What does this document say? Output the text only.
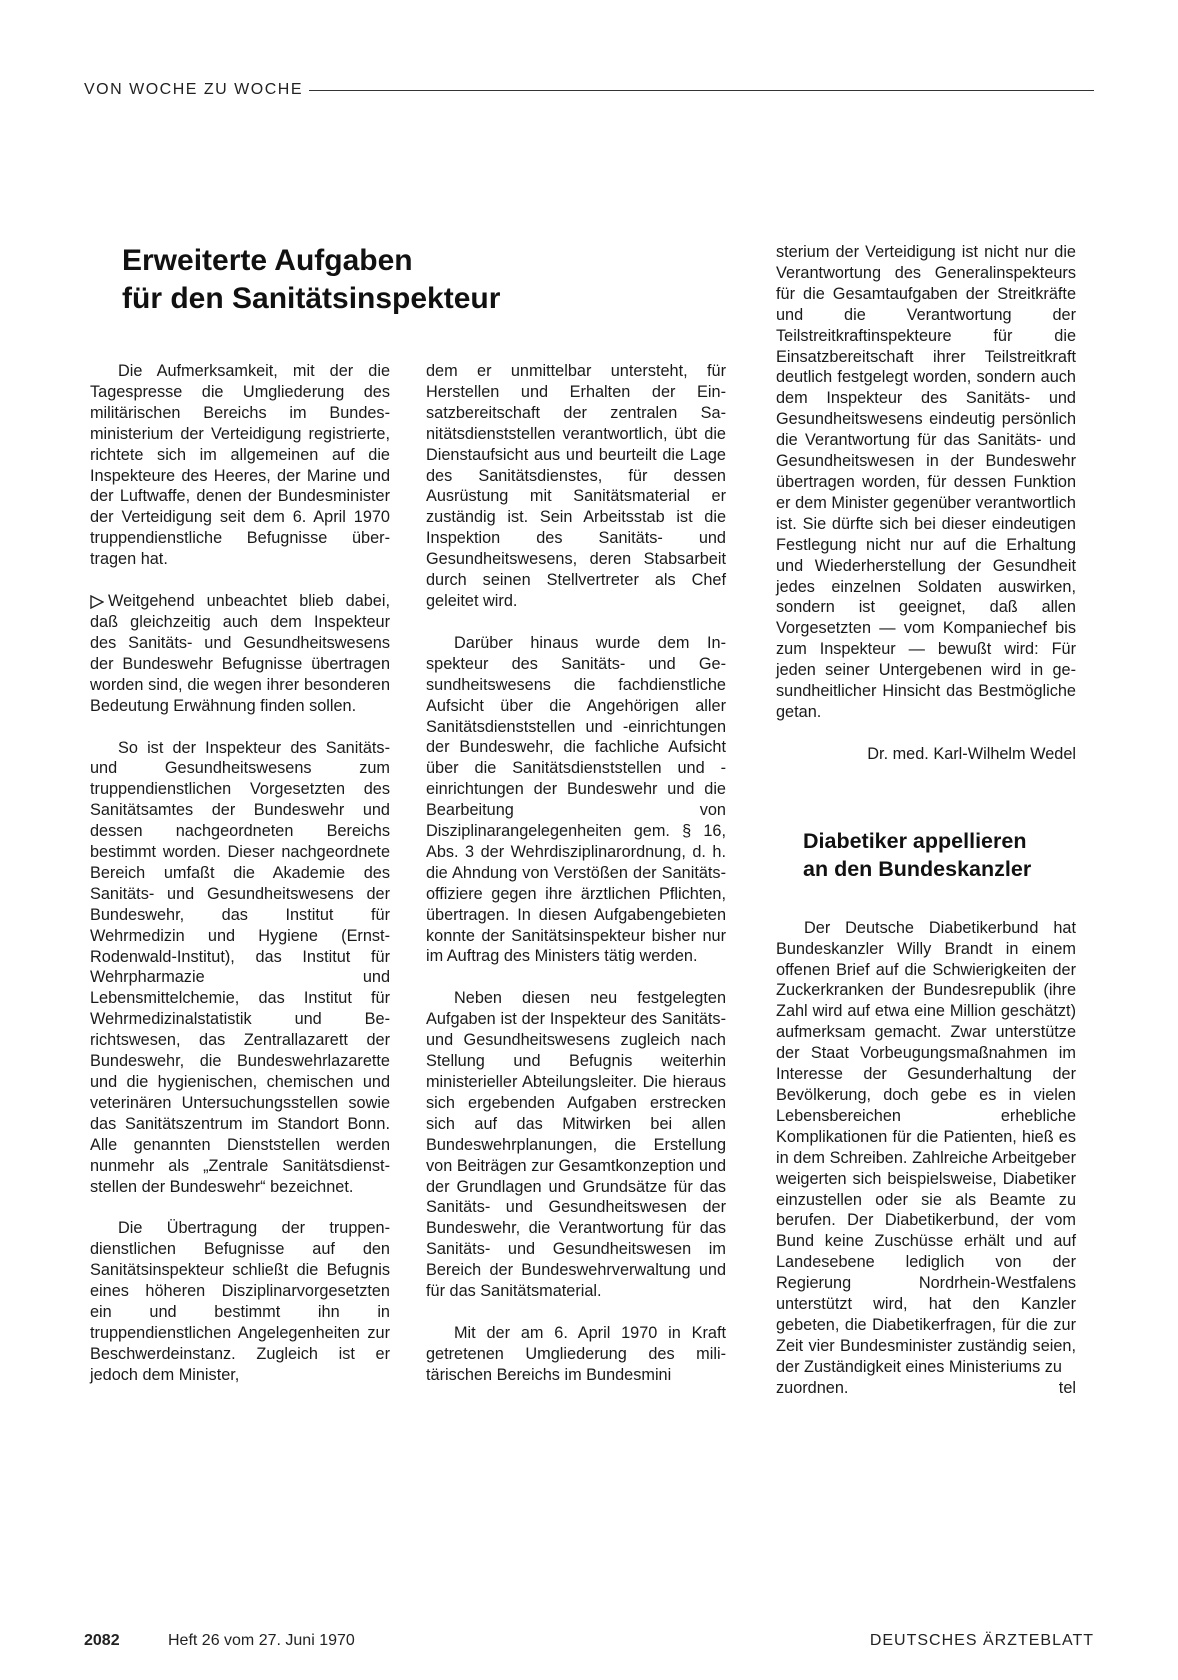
VON WOCHE ZU WOCHE
Erweiterte Aufgaben
für den Sanitätsinspekteur

Die Aufmerksamkeit, mit der die Tagespresse die Umgliederung des militärischen Bereichs im Bundesministerium der Verteidigung registrierte, richtete sich im allgemeinen auf die Inspekteure des Heeres, der Marine und der Luftwaffe, denen der Bundesminister der Verteidigung seit dem 6. April 1970 truppendienstliche Befugnisse übertragen hat.

Weitgehend unbeachtet blieb dabei, daß gleichzeitig auch dem Inspekteur des Sanitäts- und Gesundheitswesens der Bundeswehr Befugnisse übertragen worden sind, die wegen ihrer besonderen Bedeutung Erwähnung finden sollen.

So ist der Inspekteur des Sanitäts- und Gesundheitswesens zum truppendienstlichen Vorgesetzten des Sanitätsamtes der Bundeswehr und dessen nachgeordneten Bereichs bestimmt worden. Dieser nachgeordnete Bereich umfaßt die Akademie des Sanitäts- und Gesundheitswesens der Bundeswehr, das Institut für Wehrmedizin und Hygiene (Ernst-Rodenwald-Institut), das Institut für Wehrpharmazie und Lebensmittelchemie, das Institut für Wehrmedizinalstatistik und Berichtswesen, das Zentrallazarett der Bundeswehr, die Bundeswehrlazarette und die hygienischen, chemischen und veterinären Untersuchungsstellen sowie das Sanitätszentrum im Standort Bonn. Alle genannten Dienststellen werden nunmehr als „Zentrale Sanitätsdienststellen der Bundeswehr“ bezeichnet.

Die Übertragung der truppendienstlichen Befugnisse auf den Sanitätsinspekteur schließt die Befugnis eines höheren Disziplinarvorgesetzten ein und bestimmt ihn in truppendienstlichen Angelegenheiten zur Beschwerdeinstanz. Zugleich ist er jedoch dem Minister,

dem er unmittelbar untersteht, für Herstellen und Erhalten der Einsatzbereitschaft der zentralen Sanitätsdienststellen verantwortlich, übt die Dienstaufsicht aus und beurteilt die Lage des Sanitätsdienstes, für dessen Ausrüstung mit Sanitätsmaterial er zuständig ist. Sein Arbeitsstab ist die Inspektion des Sanitäts- und Gesundheitswesens, deren Stabsarbeit durch seinen Stellvertreter als Chef geleitet wird.

Darüber hinaus wurde dem Inspekteur des Sanitäts- und Gesundheitswesens die fachdienstliche Aufsicht über die Angehörigen aller Sanitätsdienststellen und -einrichtungen der Bundeswehr, die fachliche Aufsicht über die Sanitätsdienststellen und -einrichtungen der Bundeswehr und die Bearbeitung von Disziplinarangelegenheiten gem. § 16, Abs. 3 der Wehrdisziplinarordnung, d. h. die Ahndung von Verstößen der Sanitätsoffiziere gegen ihre ärztlichen Pflichten, übertragen. In diesen Aufgabengebieten konnte der Sanitätsinspekteur bisher nur im Auftrag des Ministers tätig werden.

Neben diesen neu festgelegten Aufgaben ist der Inspekteur des Sanitäts- und Gesundheitswesens zugleich nach Stellung und Befugnis weiterhin ministerieller Abteilungsleiter. Die hieraus sich ergebenden Aufgaben erstrecken sich auf das Mitwirken bei allen Bundeswehrplanungen, die Erstellung von Beiträgen zur Gesamtkonzeption und der Grundlagen und Grundsätze für das Sanitäts- und Gesundheitswesen der Bundeswehr, die Verantwortung für das Sanitäts- und Gesundheitswesen im Bereich der Bundeswehrverwaltung und für das Sanitätsmaterial.

Mit der am 6. April 1970 in Kraft getretenen Umgliederung des militärischen Bereichs im Bundesmini

sterium der Verteidigung ist nicht nur die Verantwortung des Generalinspekteurs für die Gesamtaufgaben der Streitkräfte und die Verantwortung der Teilstreitkraftinspekteure für die Einsatzbereitschaft ihrer Teilstreitkraft deutlich festgelegt worden, sondern auch dem Inspekteur des Sanitäts- und Gesundheitswesens eindeutig persönlich die Verantwortung für das Sanitäts- und Gesundheitswesen in der Bundeswehr übertragen worden, für dessen Funktion er dem Minister gegenüber verantwortlich ist. Sie dürfte sich bei dieser eindeutigen Festlegung nicht nur auf die Erhaltung und Wiederherstellung der Gesundheit jedes einzelnen Soldaten auswirken, sondern ist geeignet, daß allen Vorgesetzten — vom Kompaniechef bis zum Inspekteur — bewußt wird: Für jeden seiner Untergebenen wird in gesundheitlicher Hinsicht das Bestmögliche getan.

Dr. med. Karl-Wilhelm Wedel

Diabetiker appellieren
an den Bundeskanzler

Der Deutsche Diabetikerbund hat Bundeskanzler Willy Brandt in einem offenen Brief auf die Schwierigkeiten der Zuckerkranken der Bundesrepublik (ihre Zahl wird auf etwa eine Million geschätzt) aufmerksam gemacht. Zwar unterstütze der Staat Vorbeugungsmaßnahmen im Interesse der Gesunderhaltung der Bevölkerung, doch gebe es in vielen Lebensbereichen erhebliche Komplikationen für die Patienten, hieß es in dem Schreiben. Zahlreiche Arbeitgeber weigerten sich beispielsweise, Diabetiker einzustellen oder sie als Beamte zu berufen. Der Diabetikerbund, der vom Bund keine Zuschüsse erhält und auf Landesebene lediglich von der Regierung Nordrhein-Westfalens unterstützt wird, hat den Kanzler gebeten, die Diabetikerfragen, für die zur Zeit vier Bundesminister zuständig seien, der Zuständigkeit eines Ministeriums zu

zuordnen.	tel

2082	Heft 26 vom 27. Juni 1970	DEUTSCHES ÄRZTEBLATT
